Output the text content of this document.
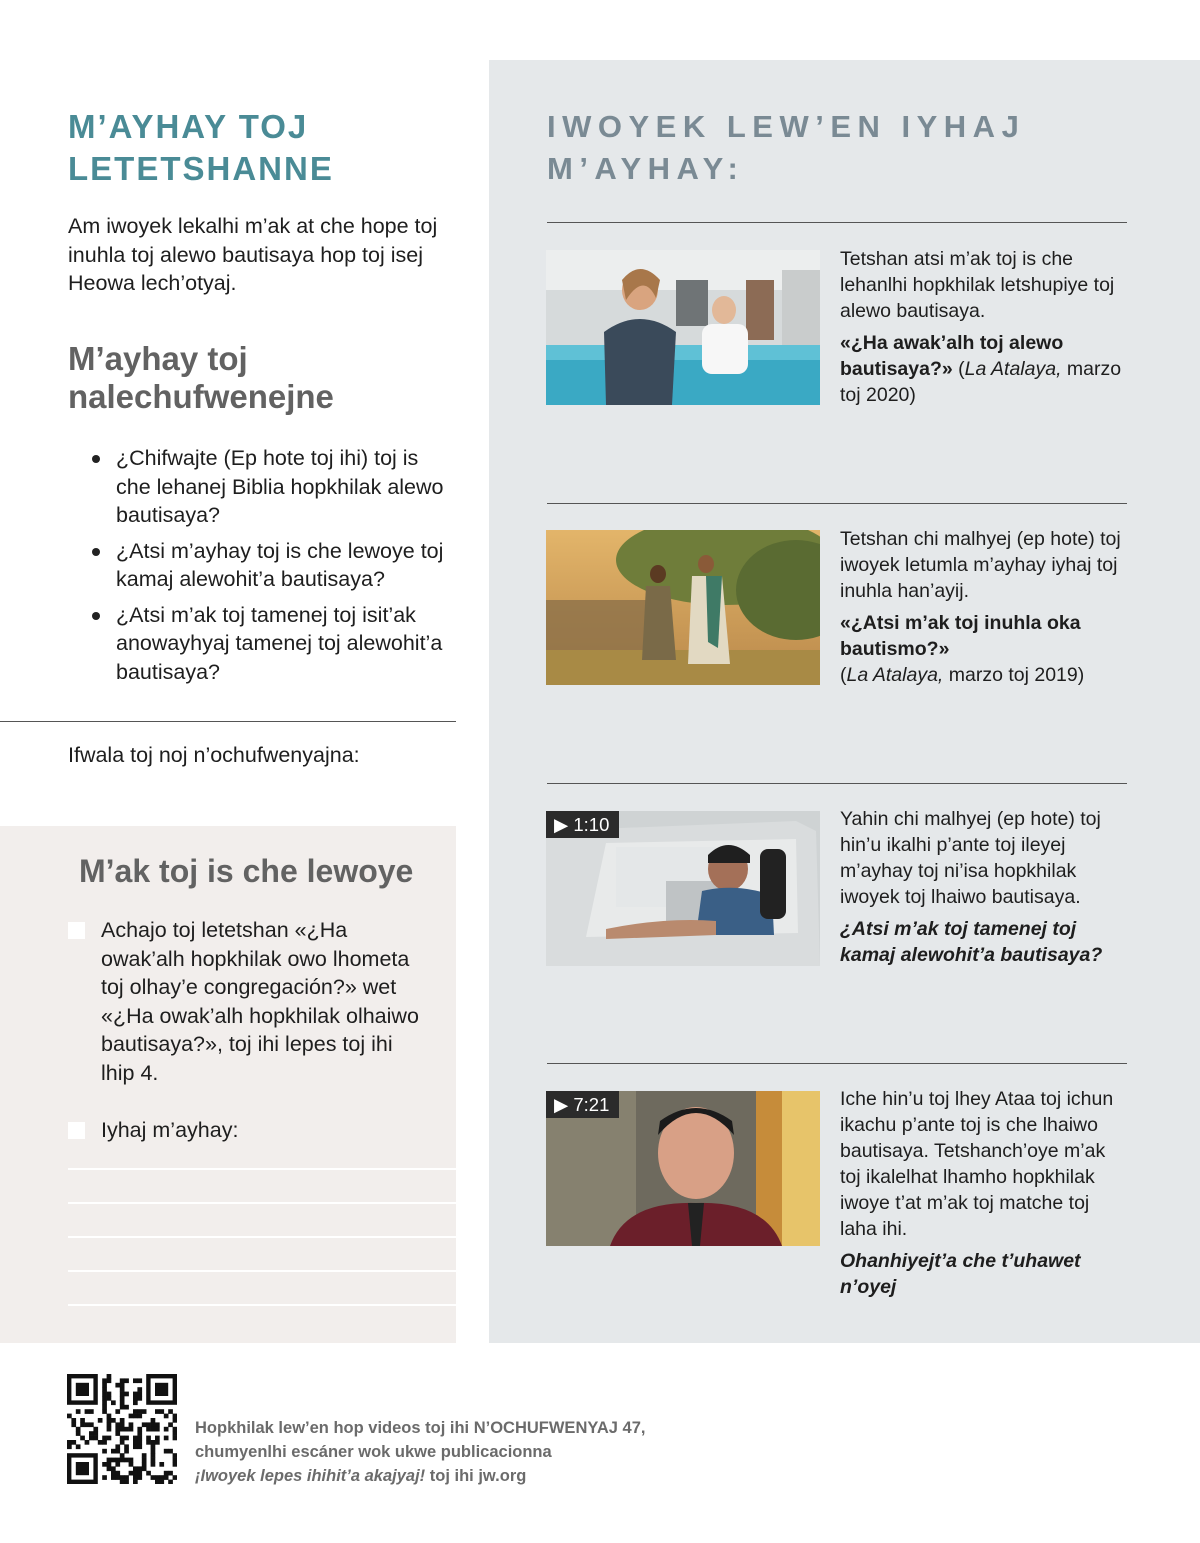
M’AYHAY TOJ LETETSHANNE

Am iwoyek lekalhi m’ak at che hope toj inuhla toj alewo bautisaya hop toj isej Heowa lech’otyaj.

M’ayhay toj nalechufwenejne
¿Chifwajte (Ep hote toj ihi) toj is che lehanej Biblia hopkhilak alewo bautisaya?
¿Atsi m’ayhay toj is che lewoye toj kamaj alewohit’a bautisaya?
¿Atsi m’ak toj tamenej toj isit’ak anowayhyaj tamenej toj alewohit’a bautisaya?

Ifwala toj noj n’ochufwenyajna:

M’ak toj is che lewoye

Achajo toj letetshan «¿Ha owak’alh hopkhilak owo lhometa toj olhay’e congregación?» wet «¿Ha owak’alh hopkhilak olhaiwo bautisaya?», toj ihi lepes toj ihi lhip 4.

Iyhaj m’ayhay:

IWOYEK LEW’EN IYHAJ M’AYHAY:

Tetshan atsi m’ak toj is che lehanlhi hopkhilak letshupiye toj alewo bautisaya.

«¿Ha awak’alh toj alewo bautisaya?» (La Atalaya, marzo toj 2020)

Tetshan chi malhyej (ep hote) toj iwoyek letumla m’ayhay iyhaj toj inuhla han’ayij.

«¿Atsi m’ak toj inuhla oka bautismo?»
(La Atalaya, marzo toj 2019)

▶ 1:10	Yahin chi malhyej (ep hote) toj hin’u ikalhi p’ante toj ileyej m’ayhay toj ni’isa hopkhilak iwoyek toj lhaiwo bautisaya.

¿Atsi m’ak toj tamenej toj kamaj alewohit’a bautisaya?

▶ 7:21	Iche hin’u toj lhey Ataa toj ichun ikachu p’ante toj is che lhaiwo bautisaya. Tetshanch’oye m’ak toj ikalelhat lhamho hopkhilak iwoye t’at m’ak toj matche toj laha ihi.

Ohanhiyejt’a che t’uhawet n’oyej

Hopkhilak lew’en hop videos toj ihi N’OCHUFWENYAJ 47,

chumyenlhi escáner wok ukwe publicacionna

¡Iwoyek lepes ihihit’a akajyaj! toj ihi jw.org
